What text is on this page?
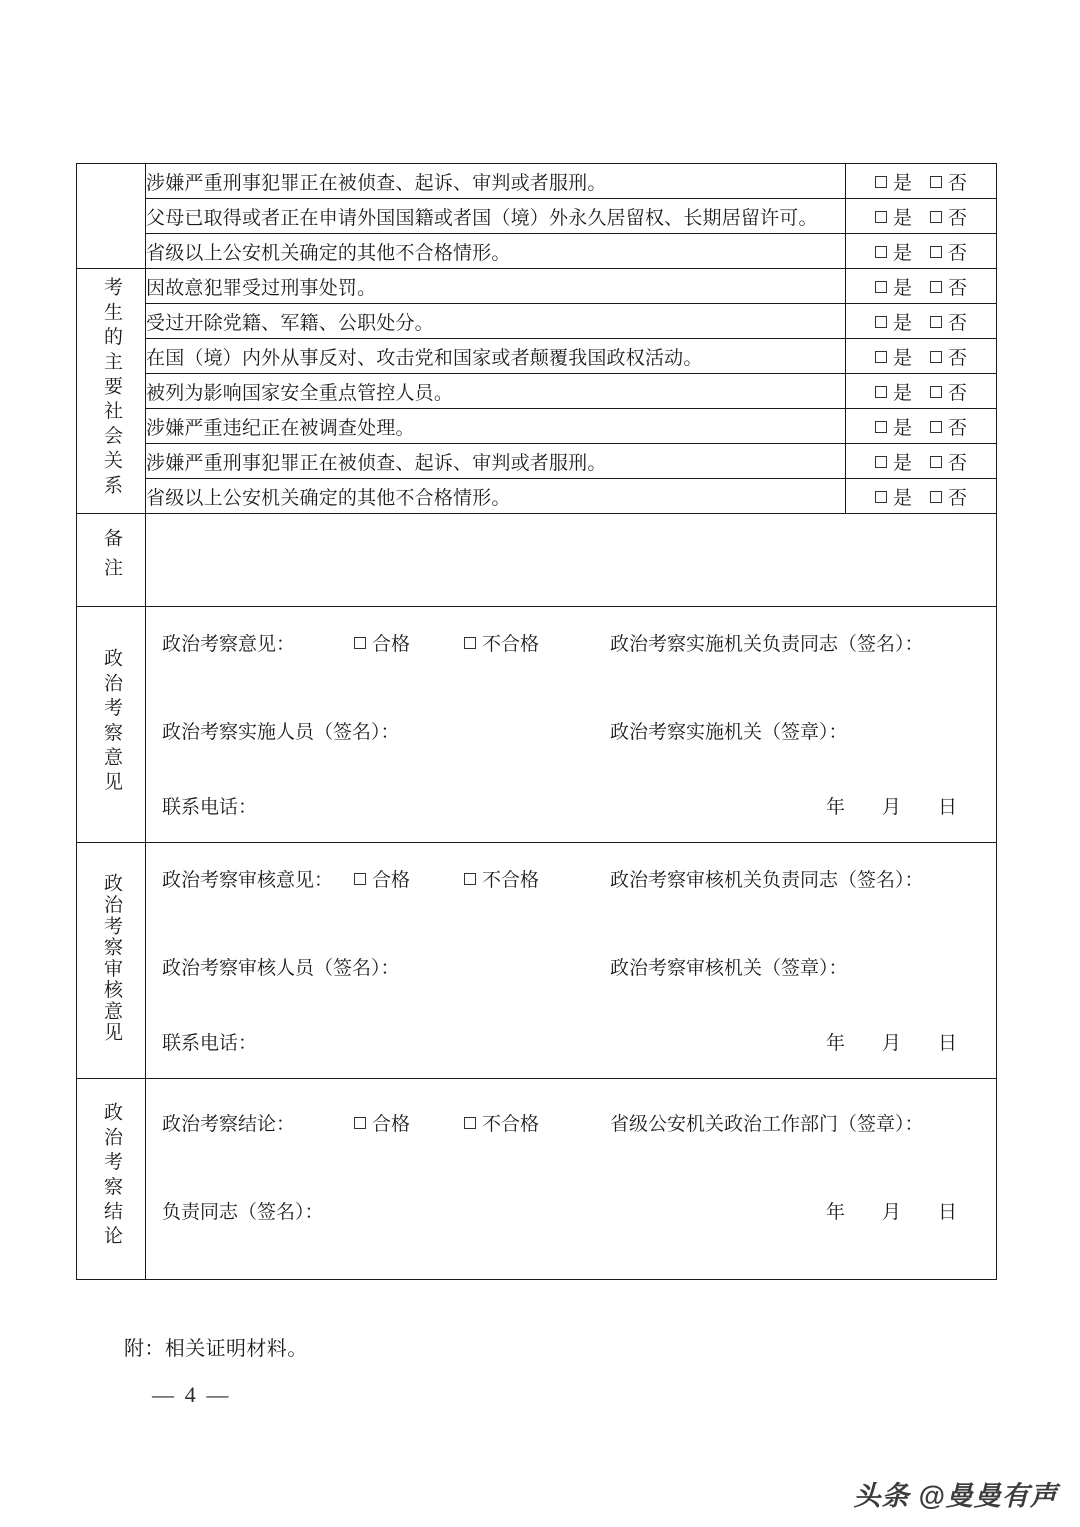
	涉嫌严重刑事犯罪正在被侦查、起诉、审判或者服刑。	是 否
	父母已取得或者正在申请外国国籍或者国（境）外永久居留权、长期居留许可。	是 否
	省级以上公安机关确定的其他不合格情形。	是 否
考生的主要社会关系	因故意犯罪受过刑事处罚。	是 否
	受过开除党籍、军籍、公职处分。	是 否
	在国（境）内外从事反对、攻击党和国家或者颠覆我国政权活动。	是 否
	被列为影响国家安全重点管控人员。	是 否
	涉嫌严重违纪正在被调查处理。	是 否
	涉嫌严重刑事犯罪正在被侦查、起诉、审判或者服刑。	是 否
	省级以上公安机关确定的其他不合格情形。	是 否
备注		
政治考察意见	
政治考察意见：	合格	不合格	政治考察实施机关负责同志（签名）：
政治考察实施人员（签名）：	政治考察实施机关（签章）：
联系电话：	年 月 日

政治考察审核意见	政治考察审核意见：	合格	不合格	政治考察审核机关负责同志（签名）：
政治考察审核人员（签名）：	政治考察审核机关（签章）：
联系电话：	年 月 日

政治考察结论	政治考察结论：	合格	不合格	省级公安机关政治工作部门（签章）：
负责同志（签名）：	年 月 日
附：相关证明材料。
— 4 —
头条 @曼曼有声
